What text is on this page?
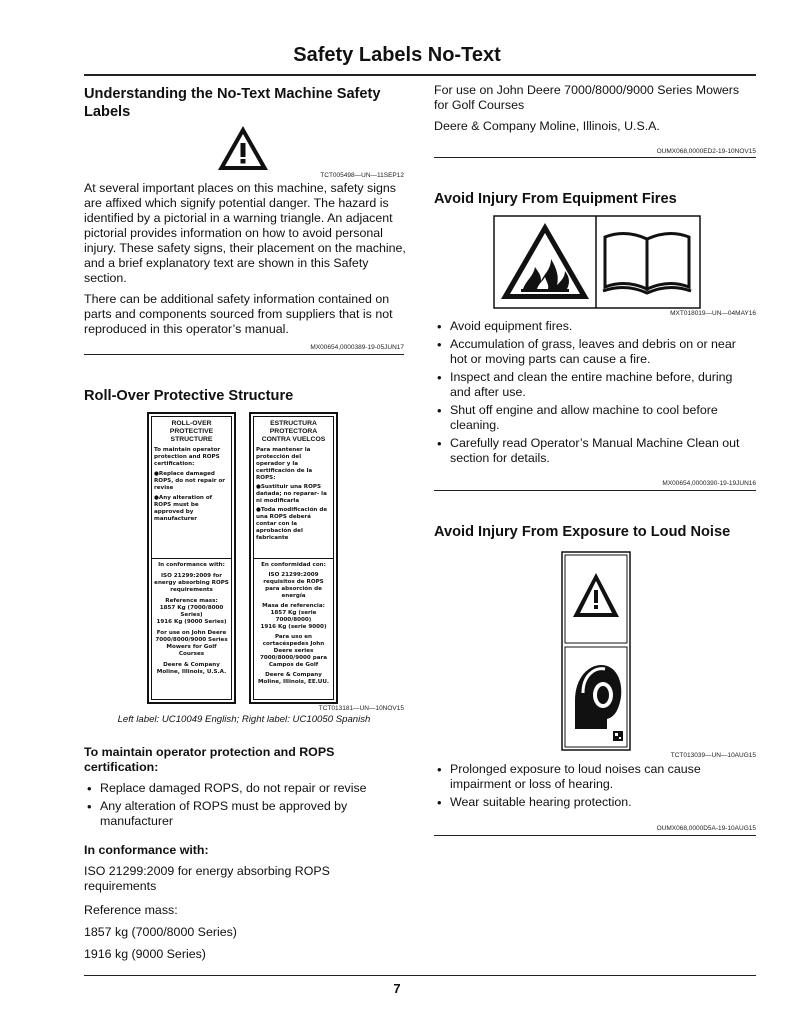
Safety Labels No-Text
Understanding the No-Text Machine Safety Labels
TCT005498—UN—11SEP12

At several important places on this machine, safety signs are affixed which signify potential danger. The hazard is identified by a pictorial in a warning triangle. An adjacent pictorial provides information on how to avoid personal injury. These safety signs, their placement on the machine, and a brief explanatory text are shown in this Safety section.

There can be additional safety information contained on parts and components sourced from suppliers that is not reproduced in this operator’s manual.

MX00654,0000389-19-05JUN17
Roll-Over Protective Structure
ROLL-OVER PROTECTIVE STRUCTURE
To maintain operator protection and ROPS certification:
●Replace damaged ROPS, do not repair or revise
●Any alteration of ROPS must be approved by manufacturer
In conformance with:
ISO 21299:2009 for energy absorbing ROPS requirements
Reference mass:
1857 Kg (7000/8000 Series)
1916 Kg (9000 Series)
For use on John Deere 7000/8000/9000 Series Mowers for Golf Courses
Deere & Company Moline, Illinois, U.S.A.
ESTRUCTURA PROTECTORA CONTRA VUELCOS
Para mantener la protección del operador y la certificación de la ROPS:
●Sustituir una ROPS dañada; no reparar- la ni modificarla
●Toda modificación de una ROPS deberá contar con la aprobación del fabricante
En conformidad con:
ISO 21299:2009 requisitos de ROPS para absorción de energía
Masa de referencia:
1857 Kg (serie 7000/8000)
1916 Kg (serie 9000)
Para uso en cortacéspedes John Deere series 7000/8000/9000 para Campos de Golf
Deere & Company Moline, Illinois, EE.UU.
TCT013181—UN—10NOV15
Left label: UC10049 English; Right label: UC10050 Spanish

To maintain operator protection and ROPS certification:

• Replace damaged ROPS, do not repair or revise
• Any alteration of ROPS must be approved by manufacturer

In conformance with:

ISO 21299:2009 for energy absorbing ROPS requirements

Reference mass:

1857 kg (7000/8000 Series)

1916 kg (9000 Series)

For use on John Deere 7000/8000/9000 Series Mowers for Golf Courses

Deere & Company Moline, Illinois, U.S.A.

OUMX068,0000ED2-19-10NOV15
Avoid Injury From Equipment Fires
MXT018019—UN—04MAY16
• Avoid equipment fires.
• Accumulation of grass, leaves and debris on or near hot or moving parts can cause a fire.
• Inspect and clean the entire machine before, during and after use.
• Shut off engine and allow machine to cool before cleaning.
• Carefully read Operator’s Manual Machine Clean out section for details.
MX00654,0000390-19-19JUN16
Avoid Injury From Exposure to Loud Noise
TCT013039—UN—10AUG15
• Prolonged exposure to loud noises can cause impairment or loss of hearing.
• Wear suitable hearing protection.
OUMX068,0000D5A-19-10AUG15
7
